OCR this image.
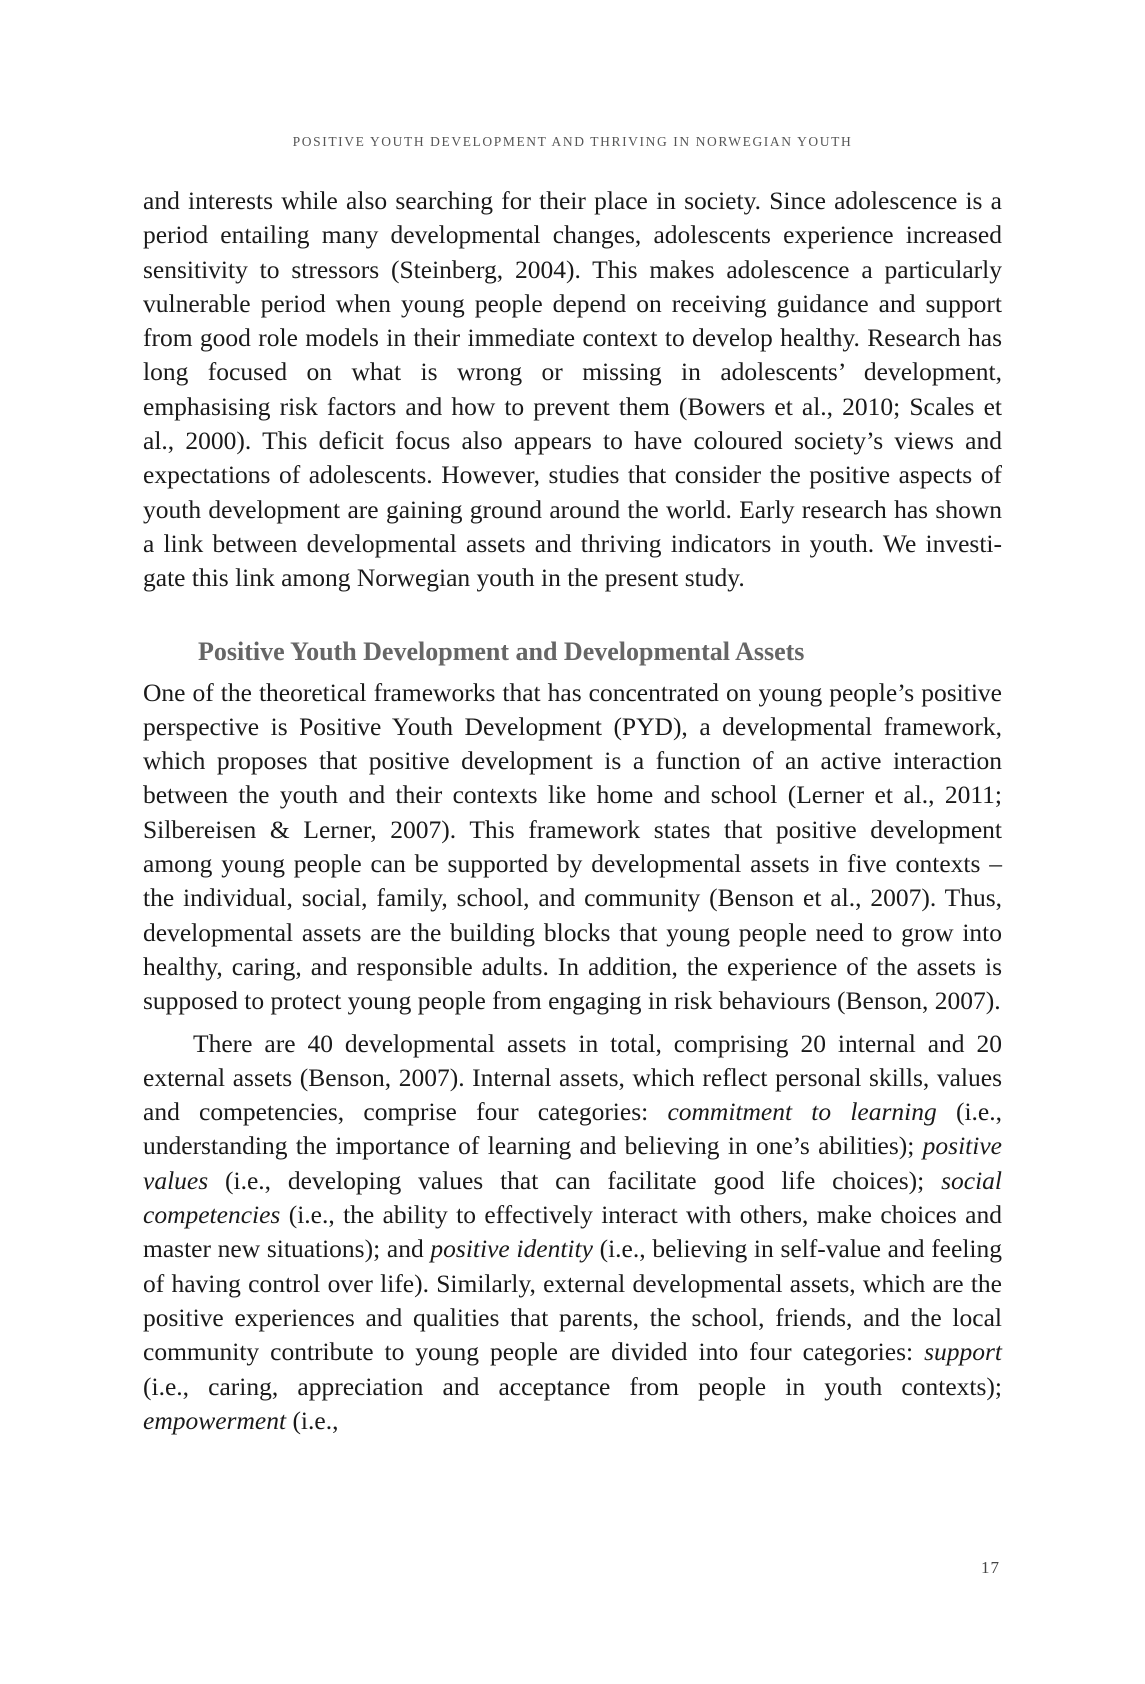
POSITIVE YOUTH DEVELOPMENT AND THRIVING IN NORWEGIAN YOUTH

and interests while also searching for their place in society. Since adolescence is a period entailing many developmental changes, adolescents experience increased sensitivity to stressors (Steinberg, 2004). This makes adolescence a particularly vulnerable period when young people depend on receiving guidance and support from good role models in their immediate context to develop healthy. Research has long focused on what is wrong or missing in adolescents’ development, emphasising risk factors and how to prevent them (Bowers et al., 2010; Scales et al., 2000). This deficit focus also appears to have coloured society’s views and expectations of adolescents. However, studies that consider the positive aspects of youth development are gaining ground around the world. Early research has shown a link between developmental assets and thriving indicators in youth. We investigate this link among Norwegian youth in the present study.

Positive Youth Development and Developmental Assets

One of the theoretical frameworks that has concentrated on young people’s positive perspective is Positive Youth Development (PYD), a developmental framework, which proposes that positive development is a function of an active interaction between the youth and their contexts like home and school (Lerner et al., 2011; Silbereisen & Lerner, 2007). This framework states that positive development among young people can be supported by developmental assets in five contexts – the individual, social, family, school, and community (Benson et al., 2007). Thus, developmental assets are the building blocks that young people need to grow into healthy, caring, and responsible adults. In addition, the experience of the assets is supposed to protect young people from engaging in risk behaviours (Benson, 2007).

There are 40 developmental assets in total, comprising 20 internal and 20 external assets (Benson, 2007). Internal assets, which reflect personal skills, values and competencies, comprise four categories: commitment to learning (i.e., understanding the importance of learning and believing in one’s abilities); positive values (i.e., developing values that can facilitate good life choices); social competencies (i.e., the ability to effectively interact with others, make choices and master new situations); and positive identity (i.e., believing in self-value and feeling of having control over life). Similarly, external developmental assets, which are the positive experiences and qualities that parents, the school, friends, and the local community contribute to young people are divided into four categories: support (i.e., caring, appreciation and acceptance from people in youth contexts); empowerment (i.e.,

17
